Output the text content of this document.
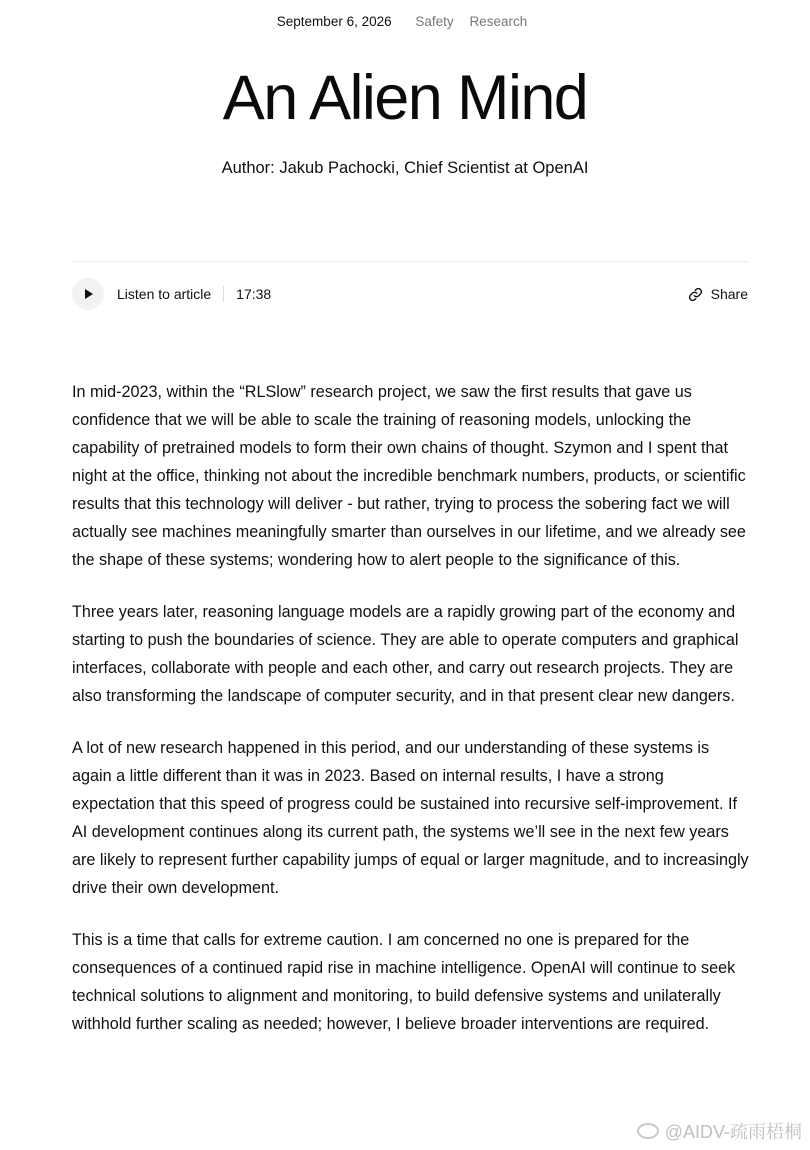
September 6, 2026 Safety Research
An Alien Mind
Author: Jakub Pachocki, Chief Scientist at OpenAI
Listen to article 17:38	Share

In mid-2023, within the “RLSlow” research project, we saw the first results that gave us confidence that we will be able to scale the training of reasoning models, unlocking the capability of pretrained models to form their own chains of thought. Szymon and I spent that night at the office, thinking not about the incredible benchmark numbers, products, or scientific results that this technology will deliver - but rather, trying to process the sobering fact we will actually see machines meaningfully smarter than ourselves in our lifetime, and we already see the shape of these systems; wondering how to alert people to the significance of this.

Three years later, reasoning language models are a rapidly growing part of the economy and starting to push the boundaries of science. They are able to operate computers and graphical interfaces, collaborate with people and each other, and carry out research projects. They are also transforming the landscape of computer security, and in that present clear new dangers.

A lot of new research happened in this period, and our understanding of these systems is again a little different than it was in 2023. Based on internal results, I have a strong expectation that this speed of progress could be sustained into recursive self-improvement. If AI development continues along its current path, the systems we’ll see in the next few years are likely to represent further capability jumps of equal or larger magnitude, and to increasingly drive their own development.

This is a time that calls for extreme caution. I am concerned no one is prepared for the consequences of a continued rapid rise in machine intelligence. OpenAI will continue to seek technical solutions to alignment and monitoring, to build defensive systems and unilaterally withhold further scaling as needed; however, I believe broader interventions are required.

@AIDV-疏雨梧桐
